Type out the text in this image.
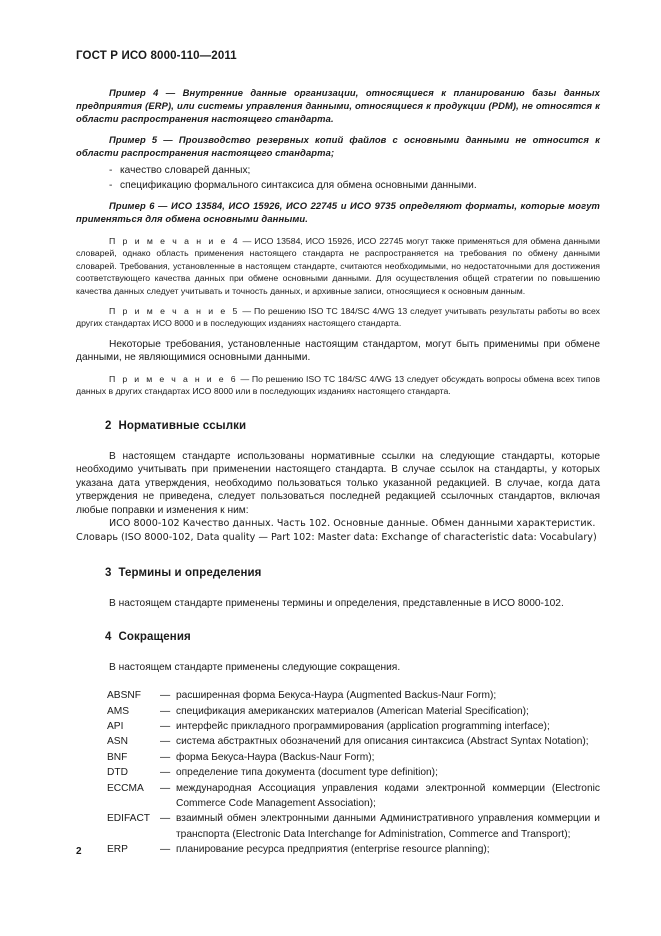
ГОСТ Р ИСО 8000-110—2011

Пример 4 — Внутренние данные организации, относящиеся к планированию базы данных предприятия (ERP), или системы управления данными, относящиеся к продукции (PDM), не относятся к области распространения настоящего стандарта.

Пример 5 — Производство резервных копий файлов с основными данными не относится к области распространения настоящего стандарта;

- качество словарей данных;
- спецификацию формального синтаксиса для обмена основными данными.

Пример 6 — ИСО 13584, ИСО 15926, ИСО 22745 и ИСО 9735 определяют форматы, которые могут применяться для обмена основными данными.

П р и м е ч а н и е 4 — ИСО 13584, ИСО 15926, ИСО 22745 могут также применяться для обмена данными словарей, однако область применения настоящего стандарта не распространяется на требования по обмену данными словарей. Требования, установленные в настоящем стандарте, считаются необходимыми, но недостаточными для достижения соответствующего качества данных при обмене основными данными. Для осуществления общей стратегии по повышению качества данных следует учитывать и точность данных, и архивные записи, относящиеся к основным данным.

П р и м е ч а н и е 5 — По решению ISO TC 184/SC 4/WG 13 следует учитывать результаты работы во всех других стандартах ИСО 8000 и в последующих изданиях настоящего стандарта.

Некоторые требования, установленные настоящим стандартом, могут быть применимы при обмене данными, не являющимися основными данными.

П р и м е ч а н и е 6 — По решению ISO TC 184/SC 4/WG 13 следует обсуждать вопросы обмена всех типов данных в других стандартах ИСО 8000 или в последующих изданиях настоящего стандарта.

2 Нормативные ссылки

В настоящем стандарте использованы нормативные ссылки на следующие стандарты, которые необходимо учитывать при применении настоящего стандарта. В случае ссылок на стандарты, у которых указана дата утверждения, необходимо пользоваться только указанной редакцией. В случае, когда дата утверждения не приведена, следует пользоваться последней редакцией ссылочных стандартов, включая любые поправки и изменения к ним:

ИСО 8000-102 Качество данных. Часть 102. Основные данные. Обмен данными характеристик.

Словарь (ISO 8000-102, Data quality — Part 102: Master data: Exchange of characteristic data: Vocabulary)

3 Термины и определения

В настоящем стандарте применены термины и определения, представленные в ИСО 8000-102.

4 Сокращения

В настоящем стандарте применены следующие сокращения.

ABSNF	—	расширенная форма Бекуса-Наура (Augmented Backus-Naur Form);
AMS	—	спецификация американских материалов (American Material Specification);
API	—	интерфейс прикладного программирования (application programming interface);
ASN	—	система абстрактных обозначений для описания синтаксиса (Abstract Syntax Notation);
BNF	—	форма Бекуса-Наура (Backus-Naur Form);
DTD	—	определение типа документа (document type definition);
ECCMA	—	международная Ассоциация управления кодами электронной коммерции (Electronic Commerce Code Management Association);
EDIFACT	—	взаимный обмен электронными данными Административного управления коммерции и транспорта (Electronic Data Interchange for Administration, Commerce and Transport);
ERP	—	планирование ресурса предприятия (enterprise resource planning);
2
